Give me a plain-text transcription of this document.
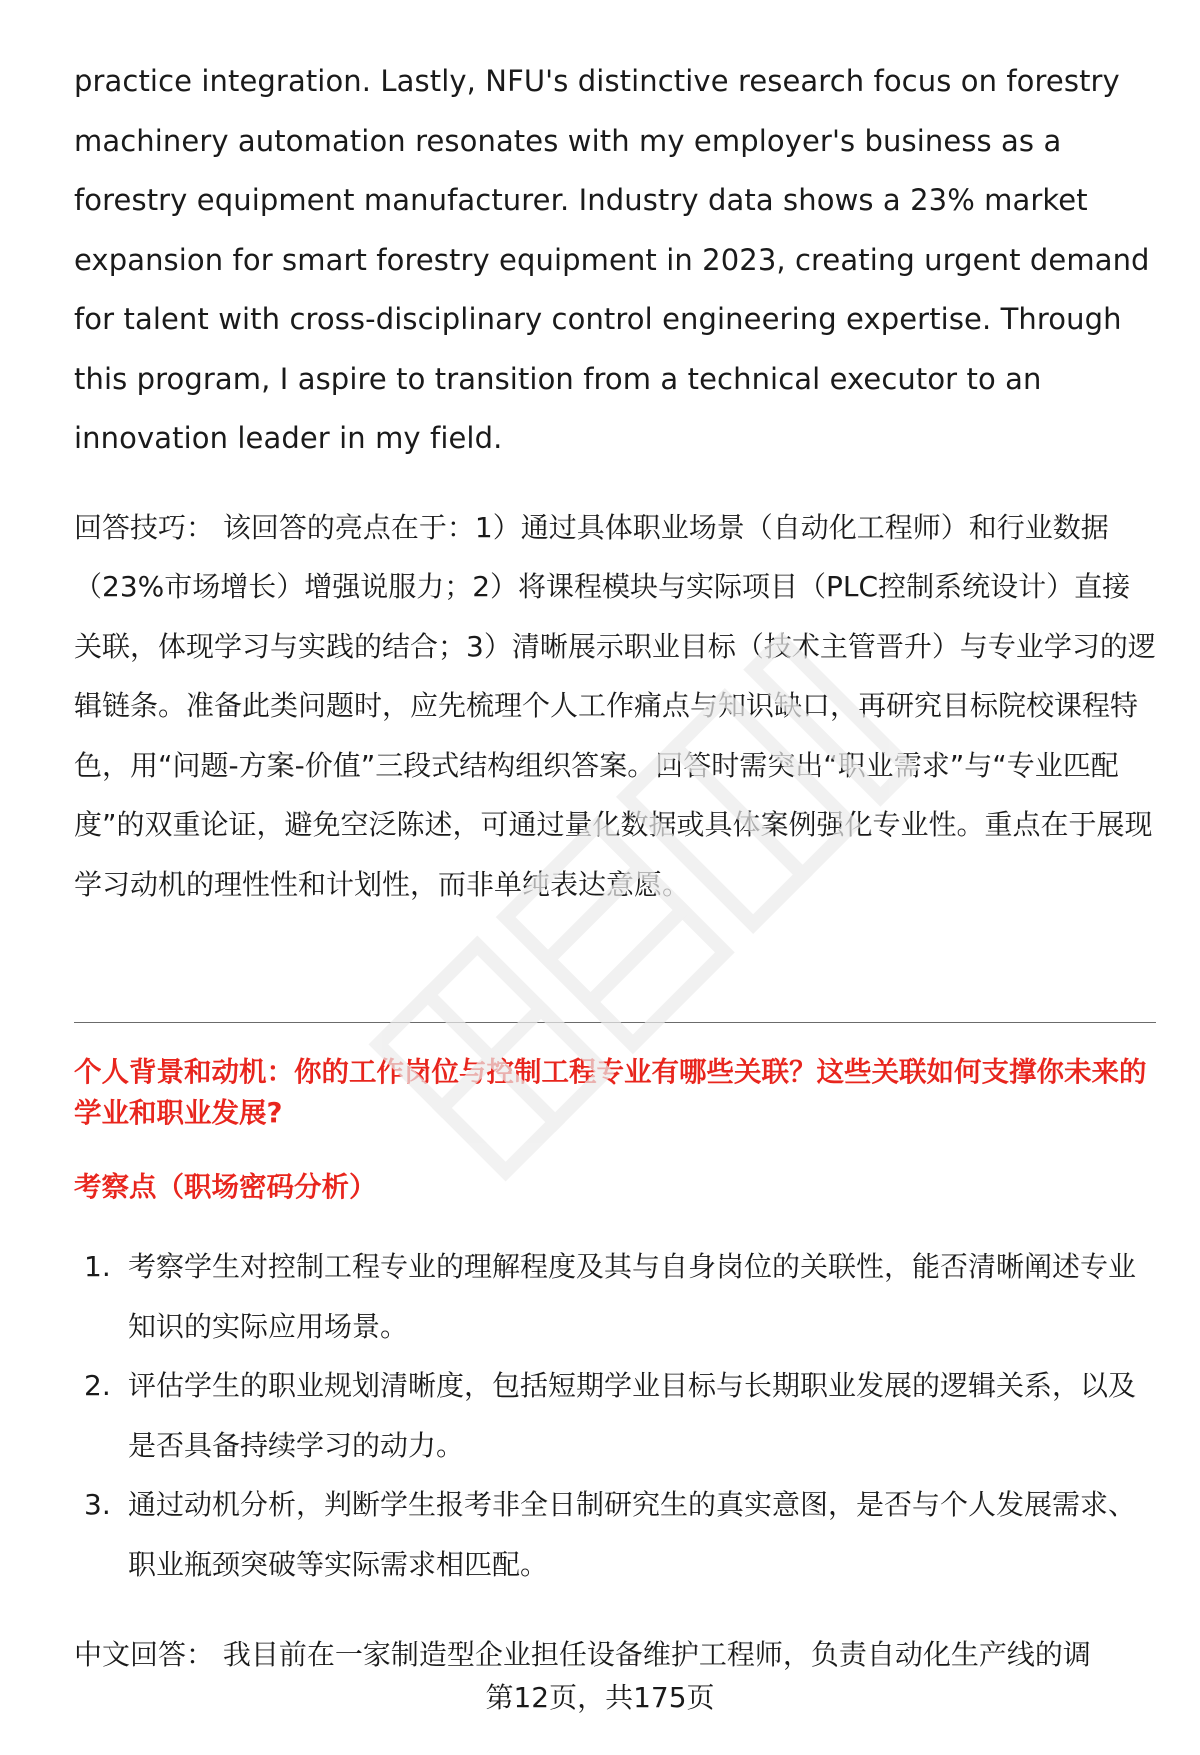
practice integration. Lastly, NFU's distinctive research focus on forestry machinery automation resonates with my employer's business as a forestry equipment manufacturer. Industry data shows a 23% market expansion for smart forestry equipment in 2023, creating urgent demand for talent with cross-disciplinary control engineering expertise. Through this program, I aspire to transition from a technical executor to an innovation leader in my field.

回答技巧： 该回答的亮点在于：1）通过具体职业场景（自动化工程师）和行业数据（23%市场增长）增强说服力；2）将课程模块与实际项目（PLC控制系统设计）直接关联，体现学习与实践的结合；3）清晰展示职业目标（技术主管晋升）与专业学习的逻辑链条。准备此类问题时，应先梳理个人工作痛点与知识缺口，再研究目标院校课程特色，用“问题-方案-价值”三段式结构组织答案。回答时需突出“职业需求”与“专业匹配度”的双重论证，避免空泛陈述，可通过量化数据或具体案例强化专业性。重点在于展现学习动机的理性性和计划性，而非单纯表达意愿。

个人背景和动机：你的工作岗位与控制工程专业有哪些关联？这些关联如何支撑你未来的学业和职业发展?

考察点（职场密码分析）

1. 考察学生对控制工程专业的理解程度及其与自身岗位的关联性，能否清晰阐述专业知识的实际应用场景。
2. 评估学生的职业规划清晰度，包括短期学业目标与长期职业发展的逻辑关系，以及是否具备持续学习的动力。
3. 通过动机分析，判断学生报考非全日制研究生的真实意图，是否与个人发展需求、职业瓶颈突破等实际需求相匹配。

中文回答： 我目前在一家制造型企业担任设备维护工程师，负责自动化生产线的调

第12页，共175页
